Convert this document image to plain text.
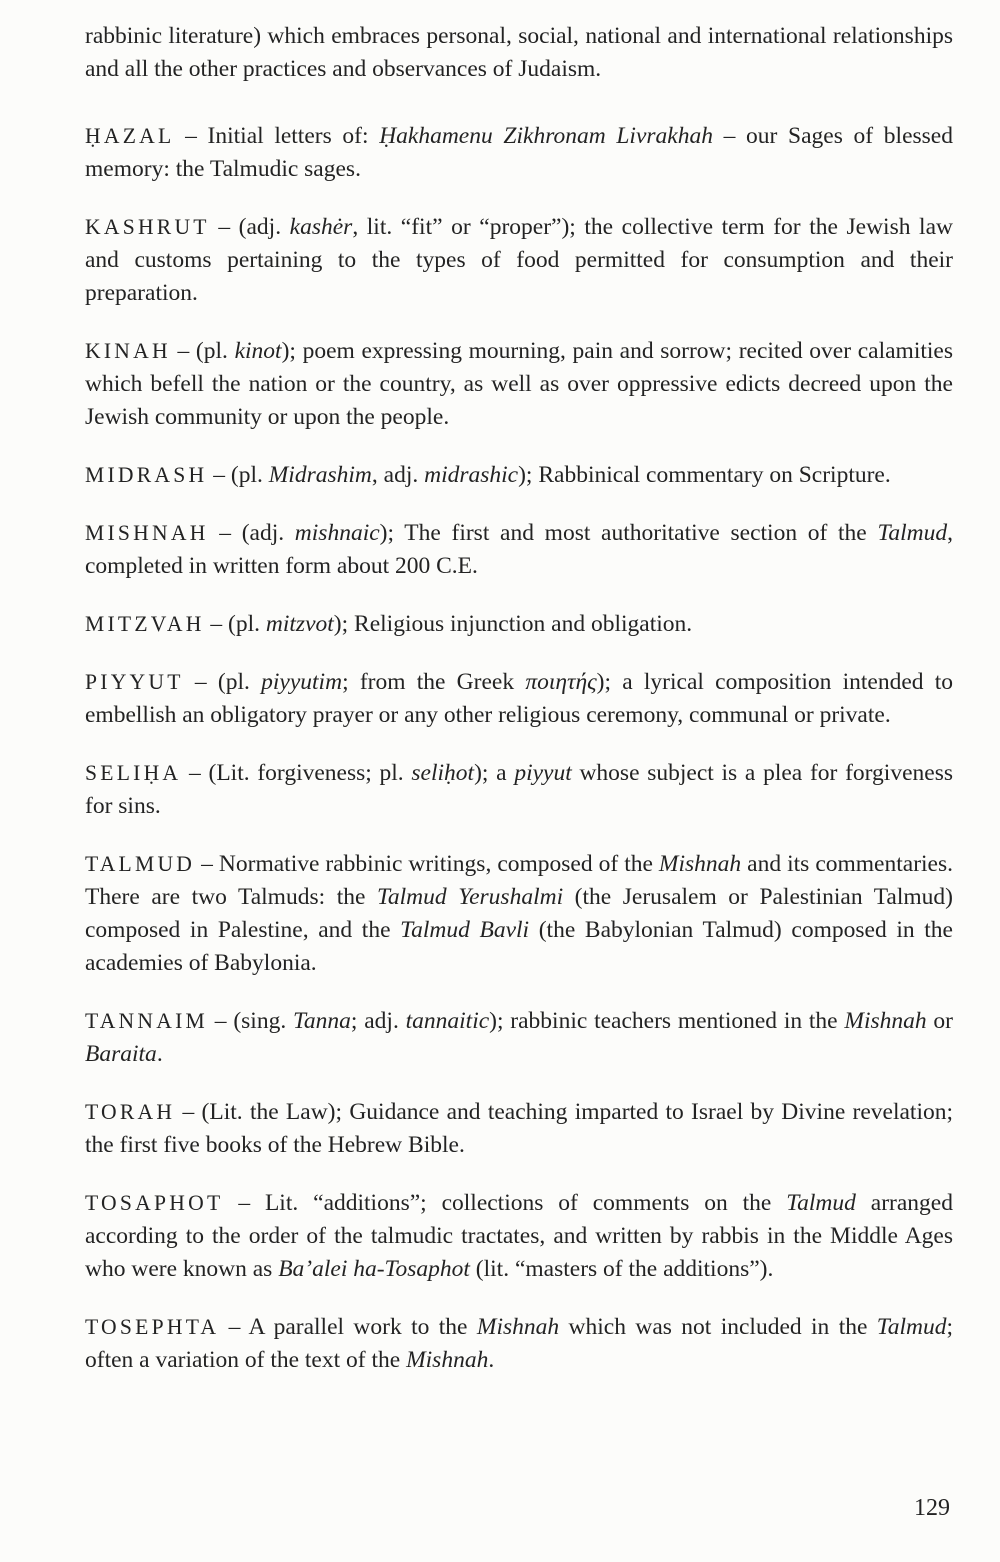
rabbinic literature) which embraces personal, social, national and international relationships and all the other practices and observances of Judaism.

ḤAZAL – Initial letters of: Ḥakhamenu Zikhronam Livrakhah – our Sages of blessed memory: the Talmudic sages.

KASHRUT – (adj. kashėr, lit. “fit” or “proper”); the collective term for the Jewish law and customs pertaining to the types of food permitted for consumption and their preparation.

KINAH – (pl. kinot); poem expressing mourning, pain and sorrow; recited over calamities which befell the nation or the country, as well as over oppressive edicts decreed upon the Jewish community or upon the people.

MIDRASH – (pl. Midrashim, adj. midrashic); Rabbinical commentary on Scripture.

MISHNAH – (adj. mishnaic); The first and most authoritative section of the Talmud, completed in written form about 200 C.E.

MITZVAH – (pl. mitzvot); Religious injunction and obligation.

PIYYUT – (pl. piyyutim; from the Greek ποιητής); a lyrical composition intended to embellish an obligatory prayer or any other religious ceremony, communal or private.

SELIḤA – (Lit. forgiveness; pl. seliḥot); a piyyut whose subject is a plea for forgiveness for sins.

TALMUD – Normative rabbinic writings, composed of the Mishnah and its commentaries. There are two Talmuds: the Talmud Yerushalmi (the Jerusalem or Palestinian Talmud) composed in Palestine, and the Talmud Bavli (the Babylonian Talmud) composed in the academies of Babylonia.

TANNAIM – (sing. Tanna; adj. tannaitic); rabbinic teachers mentioned in the Mishnah or Baraita.

TORAH – (Lit. the Law); Guidance and teaching imparted to Israel by Divine revelation; the first five books of the Hebrew Bible.

TOSAPHOT – Lit. “additions”; collections of comments on the Talmud arranged according to the order of the talmudic tractates, and written by rabbis in the Middle Ages who were known as Ba’alei ha-Tosaphot (lit. “masters of the additions”).

TOSEPHTA – A parallel work to the Mishnah which was not included in the Talmud; often a variation of the text of the Mishnah.

129
